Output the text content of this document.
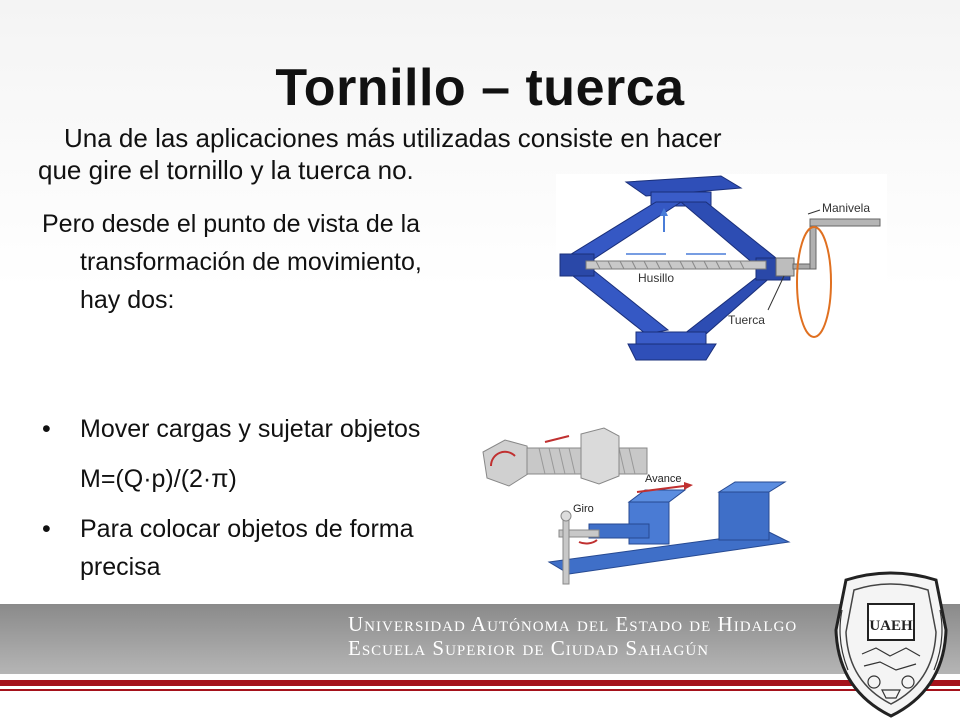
Tornillo – tuerca
Una de las aplicaciones más utilizadas consiste en hacer
que gire el tornillo y la tuerca no.

Pero desde el punto de vista de la transformación de movimiento, hay dos:

• Mover cargas y sujetar objetos
M=(Q·p)/(2·π)
• Para colocar objetos de forma precisa
Manivela
Husillo
Tuerca
Avance
Giro
Universidad Autónoma del Estado de Hidalgo
Escuela Superior de Ciudad Sahagún
UAEH
